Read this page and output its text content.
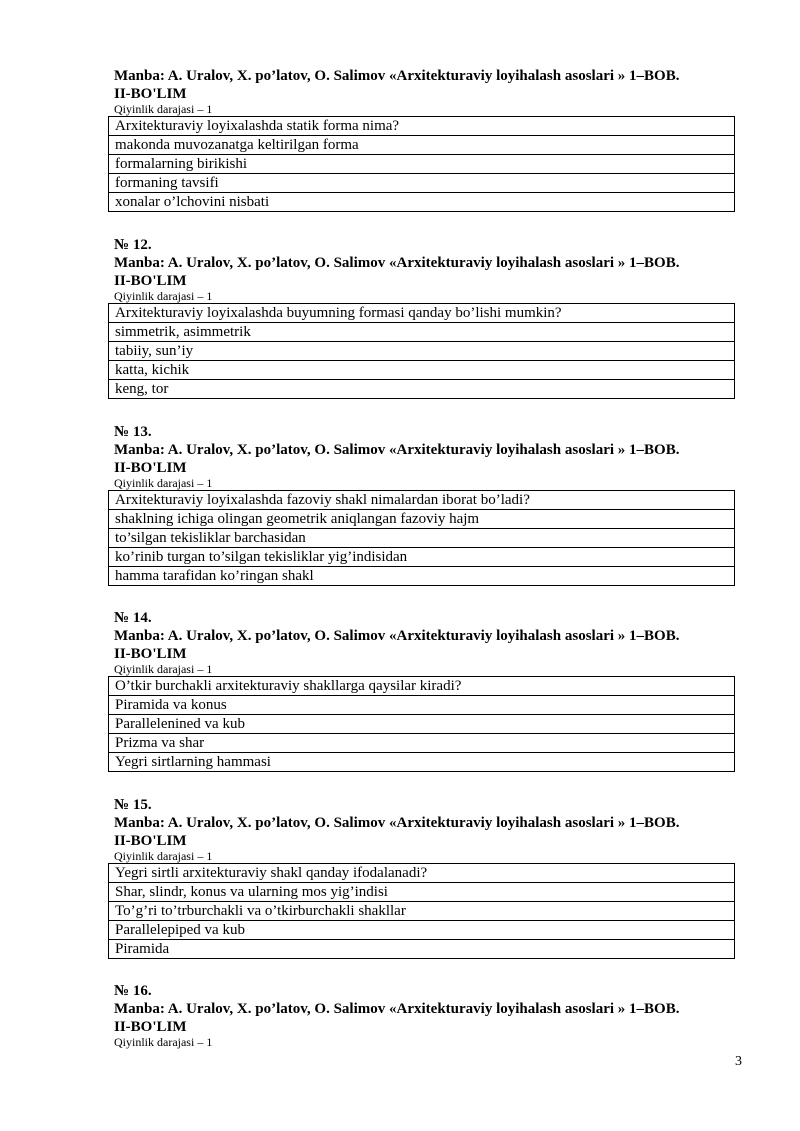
Manba: A. Uralov, X. po’latov, O. Salimov «Arxitekturaviy loyihalash asoslari » 1–BOB.
II-BO'LIM
Qiyinlik darajasi – 1
Arxitekturaviy loyixalashda statik forma nima?
makonda muvozanatga keltirilgan forma
formalarning birikishi
formaning tavsifi
xonalar o’lchovini nisbati
№ 12.
Manba: A. Uralov, X. po’latov, O. Salimov «Arxitekturaviy loyihalash asoslari » 1–BOB.
II-BO'LIM
Qiyinlik darajasi – 1
Arxitekturaviy loyixalashda buyumning formasi qanday bo’lishi mumkin?
simmetrik, asimmetrik
tabiiy, sun’iy
katta, kichik
keng, tor
№ 13.
Manba: A. Uralov, X. po’latov, O. Salimov «Arxitekturaviy loyihalash asoslari » 1–BOB.
II-BO'LIM
Qiyinlik darajasi – 1
Arxitekturaviy loyixalashda fazoviy shakl nimalardan iborat bo’ladi?
shaklning ichiga olingan geometrik aniqlangan fazoviy hajm
to’silgan tekisliklar barchasidan
ko’rinib turgan to’silgan tekisliklar yig’indisidan
hamma tarafidan ko’ringan shakl
№ 14.
Manba: A. Uralov, X. po’latov, O. Salimov «Arxitekturaviy loyihalash asoslari » 1–BOB.
II-BO'LIM
Qiyinlik darajasi – 1
O’tkir burchakli arxitekturaviy shakllarga qaysilar kiradi?
Piramida va konus
Parallelenined va kub
Prizma va shar
Yegri sirtlarning hammasi
№ 15.
Manba: A. Uralov, X. po’latov, O. Salimov «Arxitekturaviy loyihalash asoslari » 1–BOB.
II-BO'LIM
Qiyinlik darajasi – 1
Yegri sirtli arxitekturaviy shakl qanday ifodalanadi?
Shar, slindr, konus va ularning mos yig’indisi
To’g’ri to’trburchakli va o’tkirburchakli shakllar
Parallelepiped va kub
Piramida
№ 16.
Manba: A. Uralov, X. po’latov, O. Salimov «Arxitekturaviy loyihalash asoslari » 1–BOB.
II-BO'LIM
Qiyinlik darajasi – 1
3
